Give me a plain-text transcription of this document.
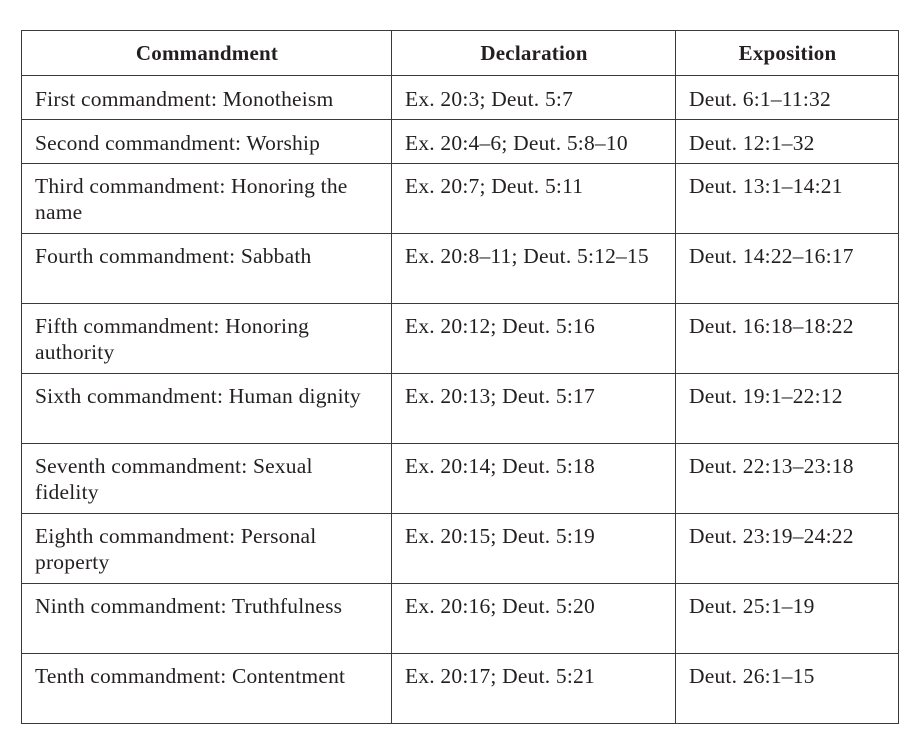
Commandment	Declaration	Exposition
First commandment: Monotheism	Ex. 20:3; Deut. 5:7	Deut. 6:1–11:32
Second commandment: Worship	Ex. 20:4–6; Deut. 5:8–10	Deut. 12:1–32
Third commandment: Honoring the name	Ex. 20:7; Deut. 5:11	Deut. 13:1–14:21
Fourth commandment: Sabbath	Ex. 20:8–11; Deut. 5:12–15	Deut. 14:22–16:17
Fifth commandment: Honoring authority	Ex. 20:12; Deut. 5:16	Deut. 16:18–18:22
Sixth commandment: Human dignity	Ex. 20:13; Deut. 5:17	Deut. 19:1–22:12
Seventh commandment: Sexual fidelity	Ex. 20:14; Deut. 5:18	Deut. 22:13–23:18
Eighth commandment: Personal property	Ex. 20:15; Deut. 5:19	Deut. 23:19–24:22
Ninth commandment: Truthfulness	Ex. 20:16; Deut. 5:20	Deut. 25:1–19
Tenth commandment: Contentment	Ex. 20:17; Deut. 5:21	Deut. 26:1–15
